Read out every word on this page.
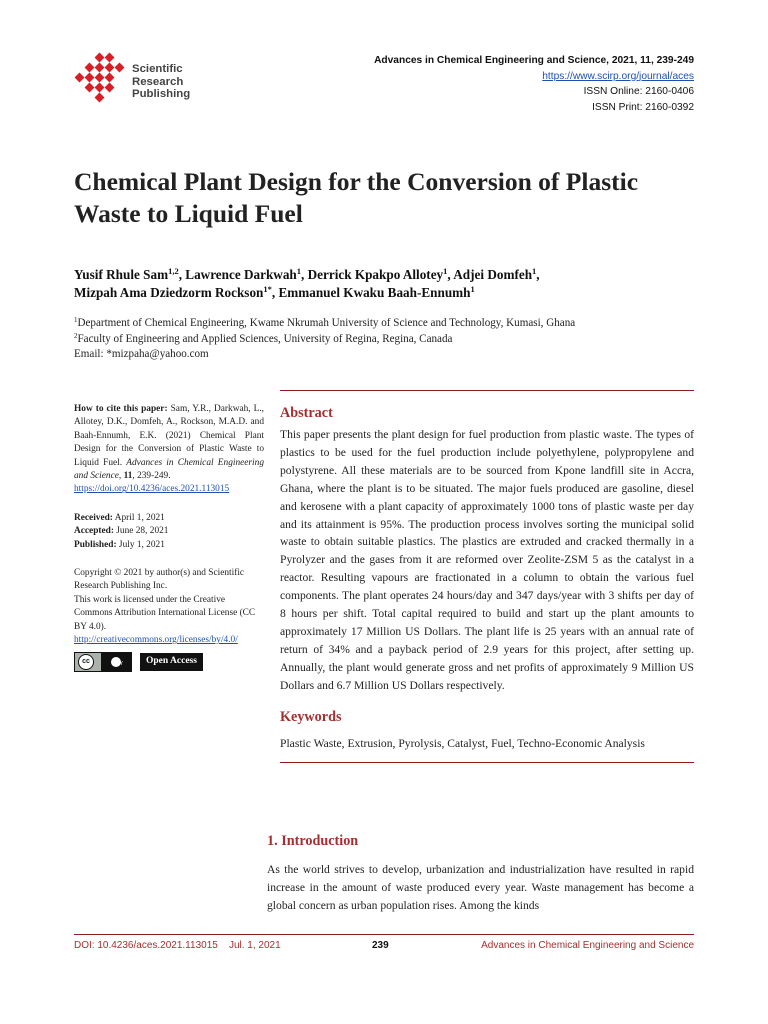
Scientific
Research
Publishing
Advances in Chemical Engineering and Science, 2021, 11, 239-249
https://www.scirp.org/journal/aces
ISSN Online: 2160-0406
ISSN Print: 2160-0392
Chemical Plant Design for the Conversion of Plastic Waste to Liquid Fuel
Yusif Rhule Sam$^{1,2}$, Lawrence Darkwah$^1$, Derrick Kpakpo Allotey$^1$, Adjei Domfeh$^1$,
Mizpah Ama Dziedzorm Rockson$^{1*}$, Emmanuel Kwaku Baah-Ennumh$^1$
$^1$Department of Chemical Engineering, Kwame Nkrumah University of Science and Technology, Kumasi, Ghana
$^2$Faculty of Engineering and Applied Sciences, University of Regina, Regina, Canada
Email: *mizpaha@yahoo.com

How to cite this paper: Sam, Y.R., Darkwah, L., Allotey, D.K., Domfeh, A., Rockson, M.A.D. and Baah-Ennumh, E.K. (2021) Chemical Plant Design for the Conversion of Plastic Waste to Liquid Fuel. Advances in Chemical Engineering and Science, 11, 239-249.

https://doi.org/10.4236/aces.2021.113015

Received: April 1, 2021

Accepted: June 28, 2021

Published: July 1, 2021

Copyright © 2021 by author(s) and Scientific Research Publishing Inc.

This work is licensed under the Creative Commons Attribution International License (CC BY 4.0).

http://creativecommons.org/licenses/by/4.0/

cc	BY	Open Access
Abstract

This paper presents the plant design for fuel production from plastic waste. The types of plastics to be used for the fuel production include polyethylene, polypropylene and polystyrene. All these materials are to be sourced from Kpone landfill site in Accra, Ghana, where the plant is to be situated. The major fuels produced are gasoline, diesel and kerosene with a plant capacity of approximately 1000 tons of plastic waste per day and its attainment is 95%. The production process involves sorting the municipal solid waste to obtain suitable plastics. The plastics are extruded and cracked thermally in a Pyrolyzer and the gases from it are reformed over Zeolite-ZSM 5 as the catalyst in a reactor. Resulting vapours are fractionated in a column to obtain the various fuel components. The plant operates 24 hours/day and 347 days/year with 3 shifts per day of 8 hours per shift. Total capital required to build and start up the plant amounts to approximately 17 Million US Dollars. The plant life is 25 years with an annual rate of return of 34% and a payback period of 2.9 years for this project, after setting up. Annually, the plant would generate gross and net profits of approximately 9 Million US Dollars and 6.7 Million US Dollars respectively.

Keywords

Plastic Waste, Extrusion, Pyrolysis, Catalyst, Fuel, Techno-Economic Analysis

1. Introduction

As the world strives to develop, urbanization and industrialization have resulted in rapid increase in the amount of waste produced every year. Waste management has become a global concern as urban population rises. Among the kinds

DOI: 10.4236/aces.2021.113015 Jul. 1, 2021	239	Advances in Chemical Engineering and Science
